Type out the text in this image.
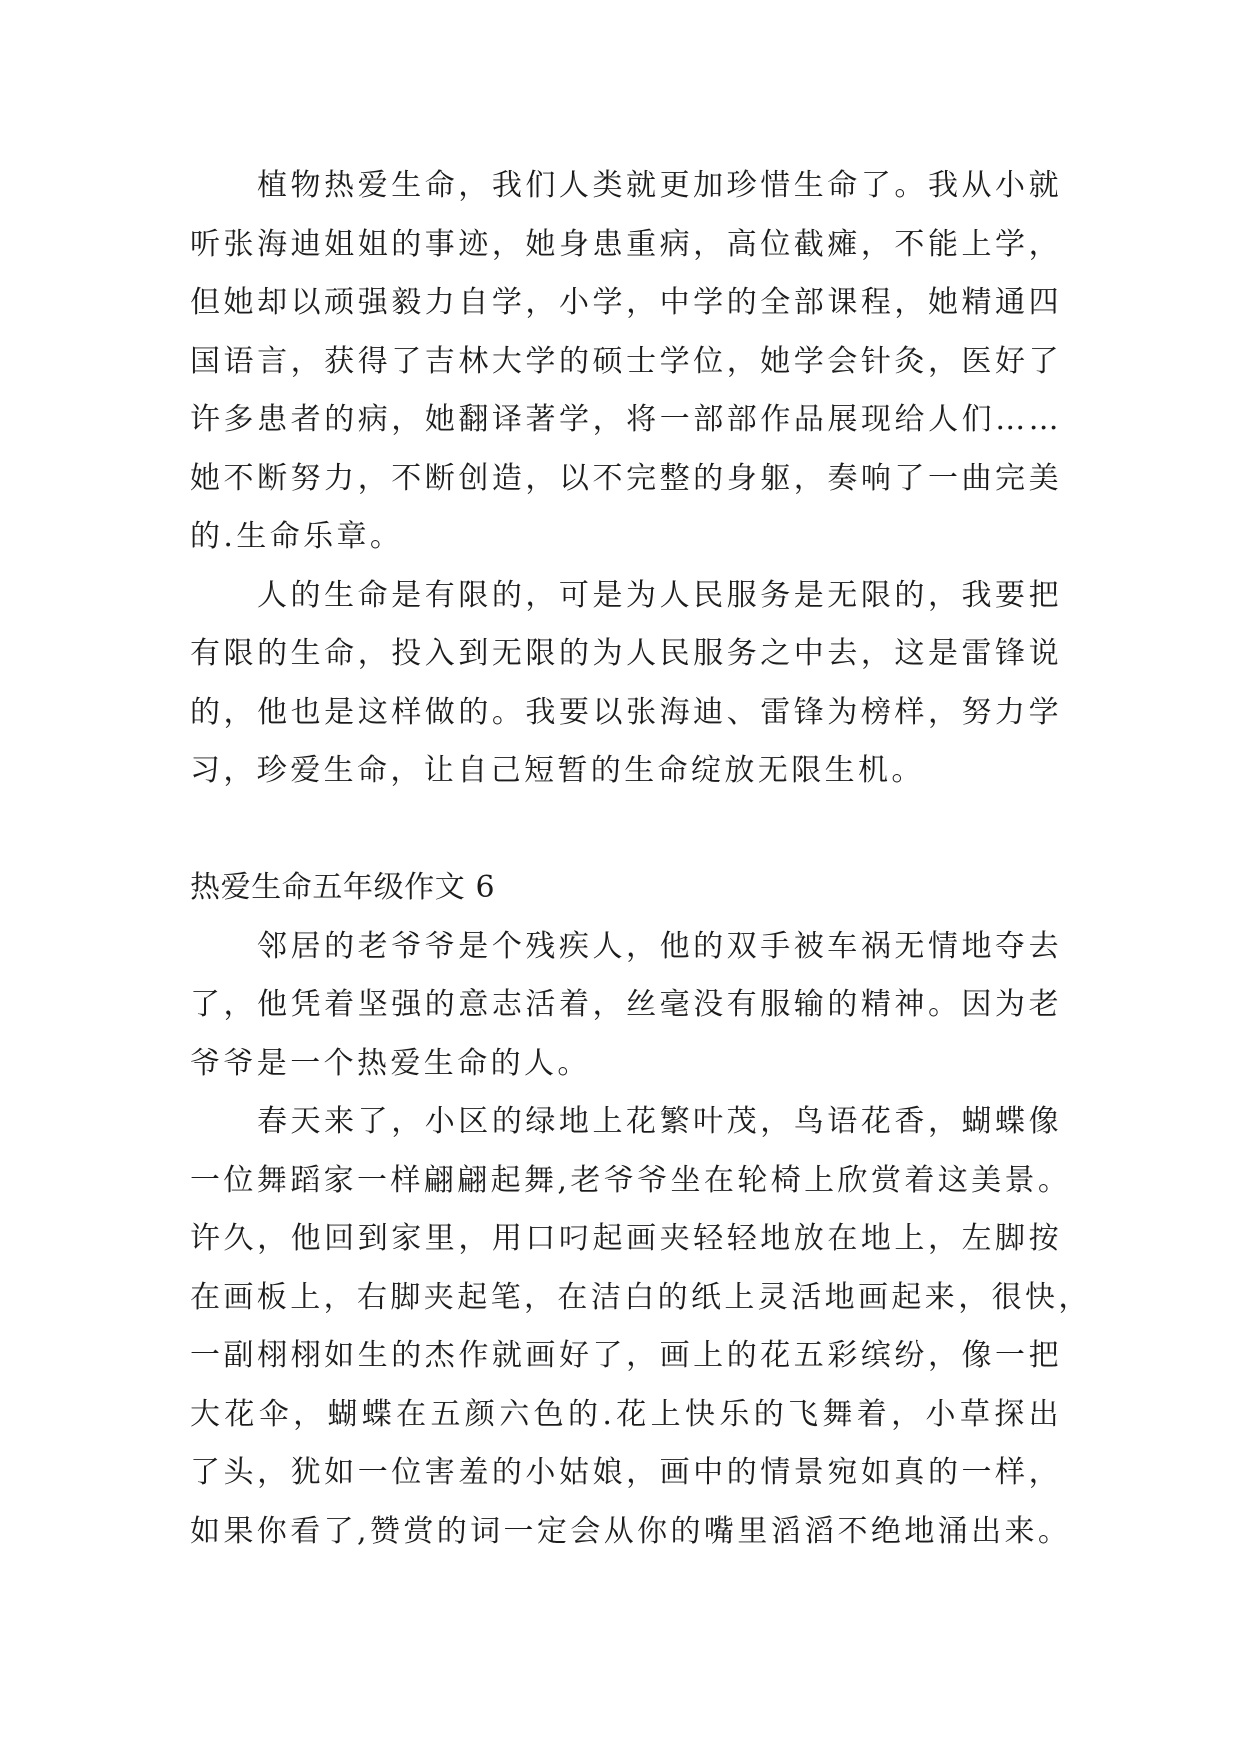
植物热爱生命，我们人类就更加珍惜生命了。我从小就
听张海迪姐姐的事迹，她身患重病，高位截瘫，不能上学，
但她却以顽强毅力自学，小学，中学的全部课程，她精通四
国语言，获得了吉林大学的硕士学位，她学会针灸，医好了
许多患者的病，她翻译著学，将一部部作品展现给人们……
她不断努力，不断创造，以不完整的身躯，奏响了一曲完美
的.生命乐章。
人的生命是有限的，可是为人民服务是无限的，我要把
有限的生命，投入到无限的为人民服务之中去，这是雷锋说
的，他也是这样做的。我要以张海迪、雷锋为榜样，努力学
习，珍爱生命，让自己短暂的生命绽放无限生机。
热爱生命五年级作文 6
邻居的老爷爷是个残疾人，他的双手被车祸无情地夺去
了，他凭着坚强的意志活着，丝毫没有服输的精神。因为老
爷爷是一个热爱生命的人。
春天来了，小区的绿地上花繁叶茂，鸟语花香，蝴蝶像
一位舞蹈家一样翩翩起舞,老爷爷坐在轮椅上欣赏着这美景。
许久，他回到家里，用口叼起画夹轻轻地放在地上，左脚按
在画板上，右脚夹起笔，在洁白的纸上灵活地画起来，很快，
一副栩栩如生的杰作就画好了，画上的花五彩缤纷，像一把
大花伞，蝴蝶在五颜六色的.花上快乐的飞舞着，小草探出
了头，犹如一位害羞的小姑娘，画中的情景宛如真的一样，
如果你看了,赞赏的词一定会从你的嘴里滔滔不绝地涌出来。
